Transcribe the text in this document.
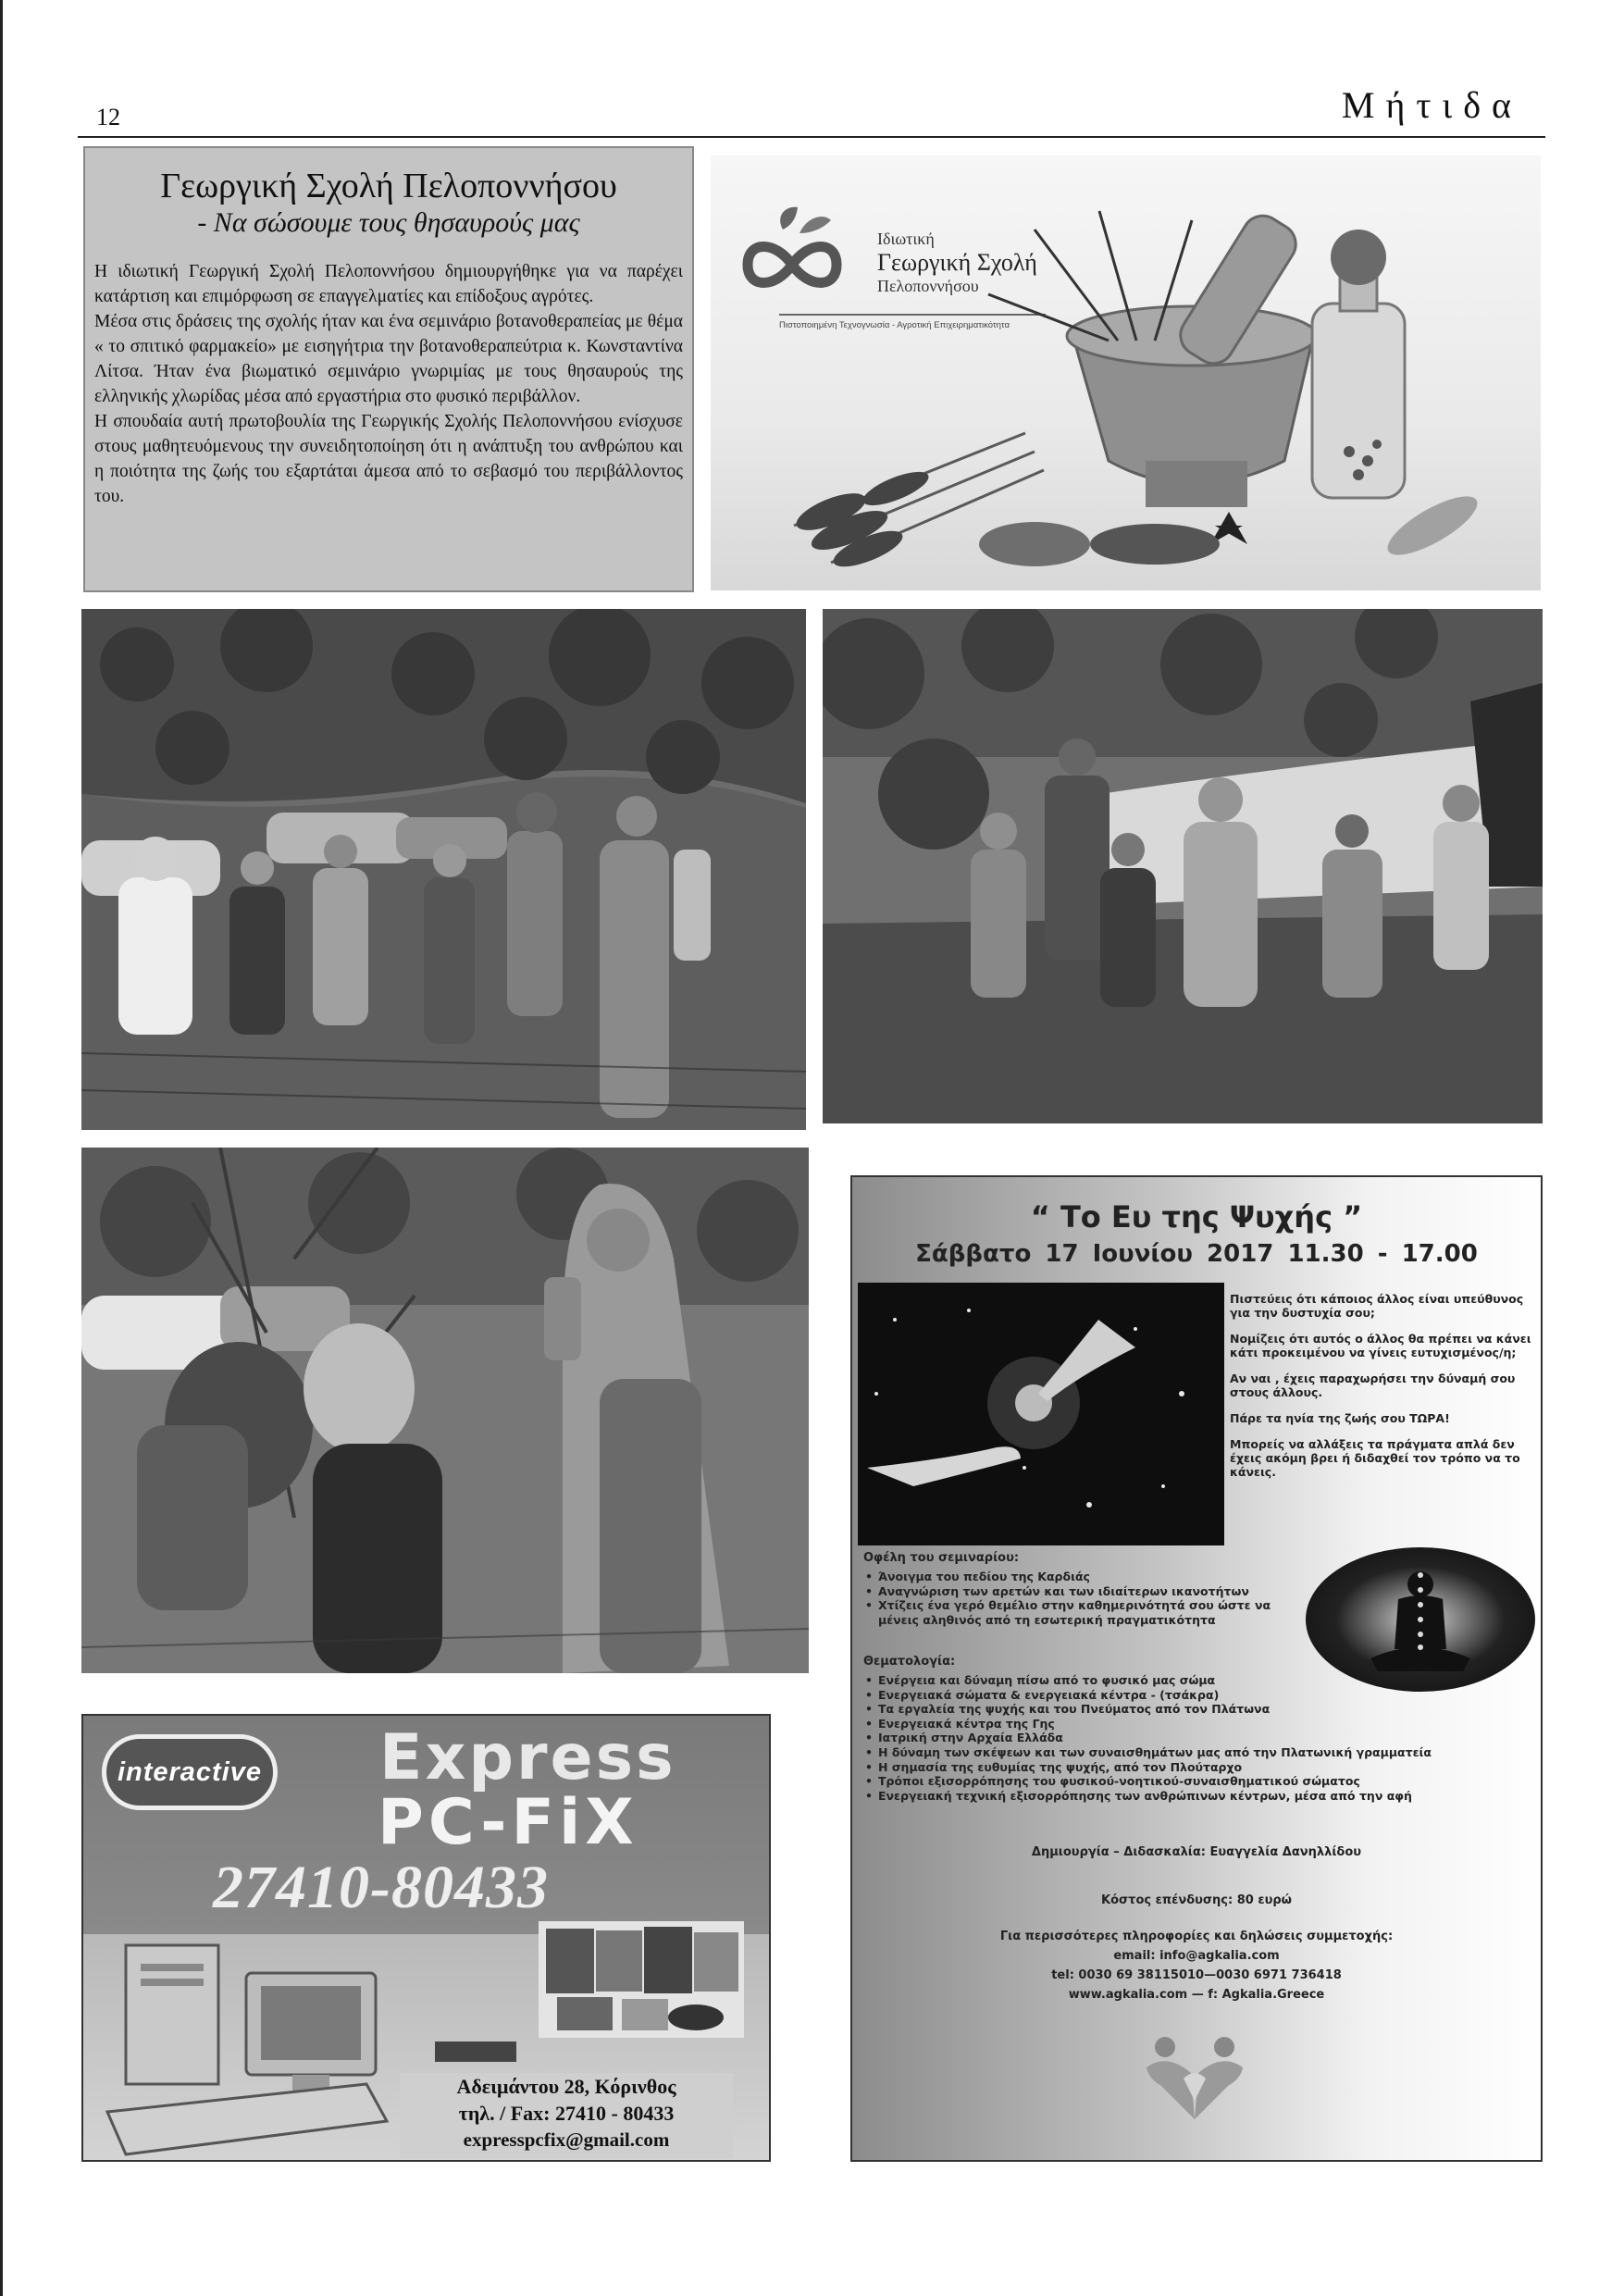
12	Μήτιδα
Γεωργική Σχολή Πελοποννήσου
- Να σώσουμε τους θησαυρούς μας

Η ιδιωτική Γεωργική Σχολή Πελοποννήσου δημιουργήθηκε για να παρέχει κατάρτιση και επιμόρφωση σε επαγγελματίες και επίδοξους αγρότες.

Μέσα στις δράσεις της σχολής ήταν και ένα σεμινάριο βοτανοθεραπείας με θέμα « το σπιτικό φαρμακείο» με εισηγήτρια την βοτανοθεραπεύτρια κ. Κωνσταντίνα Λίτσα. Ήταν ένα βιωματικό σεμινάριο γνωριμίας με τους θησαυρούς της ελληνικής χλωρίδας μέσα από εργαστήρια στο φυσικό περιβάλλον.

Η σπουδαία αυτή πρωτοβουλία της Γεωργικής Σχολής Πελοποννήσου ενίσχυσε στους μαθητευόμενους την συνειδητοποίηση ότι η ανάπτυξη του ανθρώπου και η ποιότητα της ζωής του εξαρτάται άμεσα από το σεβασμό του περιβάλλοντος του.

Ιδιωτική
Γεωργική Σχολή
Πελοποννήσου
Πιστοποιημένη Τεχνογνωσία - Αγροτική Επιχειρηματικότητα
interactive Express
PC-FiX
27410-80433
Αδειμάντου 28, Κόρινθος
τηλ. / Fax: 27410 - 80433
expresspcfix@gmail.com
“ Το Ευ της Ψυχής ”
Σάββατο 17 Ιουνίου 2017 11.30 - 17.00

Πιστεύεις ότι κάποιος άλλος είναι υπεύθυνος για την δυστυχία σου;

Νομίζεις ότι αυτός ο άλλος θα πρέπει να κάνει κάτι προκειμένου να γίνεις ευτυχισμένος/η;

Αν ναι , έχεις παραχωρήσει την δύναμή σου στους άλλους.

Πάρε τα ηνία της ζωής σου ΤΩΡΑ!

Μπορείς να αλλάξεις τα πράγματα απλά δεν έχεις ακόμη βρει ή διδαχθεί τον τρόπο να το κάνεις.

Οφέλη του σεμιναρίου:
• Άνοιγμα του πεδίου της Καρδιάς
• Αναγνώριση των αρετών και των ιδιαίτερων ικανοτήτων
• Χτίζεις ένα γερό θεμέλιο στην καθημερινότητά σου ώστε να μένεις αληθινός από τη εσωτερική πραγματικότητα
Θεματολογία:
• Ενέργεια και δύναμη πίσω από το φυσικό μας σώμα
• Ενεργειακά σώματα & ενεργειακά κέντρα - (τσάκρα)
• Τα εργαλεία της ψυχής και του Πνεύματος από τον Πλάτωνα
• Ενεργειακά κέντρα της Γης
• Ιατρική στην Αρχαία Ελλάδα
• Η δύναμη των σκέψεων και των συναισθημάτων μας από την Πλατωνική γραμματεία
• Η σημασία της ευθυμίας της ψυχής, από τον Πλούταρχο
• Τρόποι εξισορρόπησης του φυσικού-νοητικού-συναισθηματικού σώματος
• Ενεργειακή τεχνική εξισορρόπησης των ανθρώπινων κέντρων, μέσα από την αφή
Δημιουργία – Διδασκαλία: Ευαγγελία Δανηλλίδου
Κόστος επένδυσης: 80 ευρώ
Για περισσότερες πληροφορίες και δηλώσεις συμμετοχής:
email: info@agkalia.com
tel: 0030 69 38115010—0030 6971 736418
www.agkalia.com — f: Agkalia.Greece
